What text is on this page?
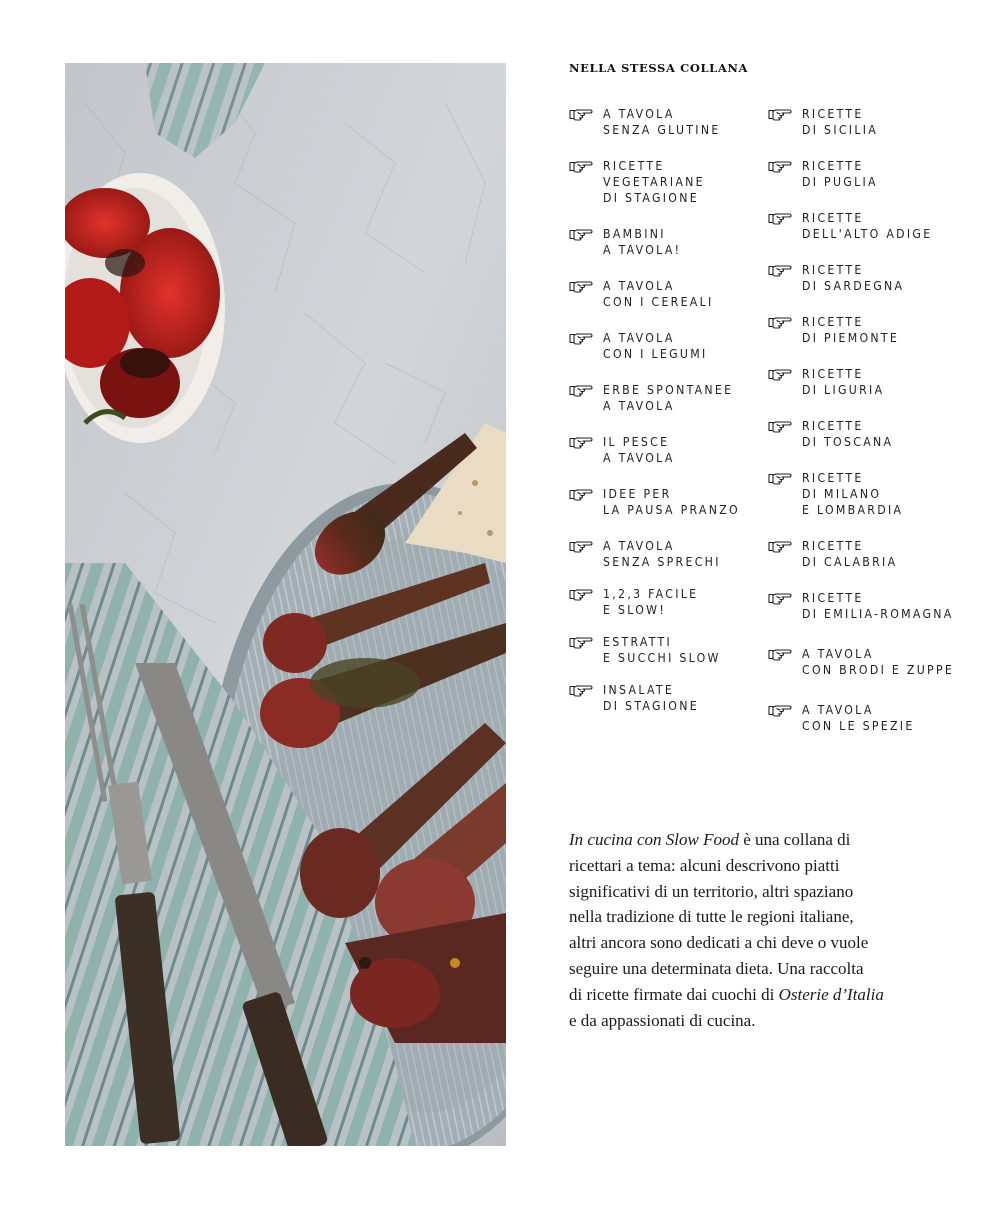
NELLA STESSA COLLANA
A TAVOLA
SENZA GLUTINE
RICETTE
VEGETARIANE
DI STAGIONE
BAMBINI
A TAVOLA!
A TAVOLA
CON I CEREALI
A TAVOLA
CON I LEGUMI
ERBE SPONTANEE
A TAVOLA
IL PESCE
A TAVOLA
IDEE PER
LA PAUSA PRANZO
A TAVOLA
SENZA SPRECHI
1,2,3 FACILE
E SLOW!
ESTRATTI
E SUCCHI SLOW
INSALATE
DI STAGIONE
RICETTE
DI SICILIA
RICETTE
DI PUGLIA
RICETTE
DELL'ALTO ADIGE
RICETTE
DI SARDEGNA
RICETTE
DI PIEMONTE
RICETTE
DI LIGURIA
RICETTE
DI TOSCANA
RICETTE
DI MILANO
E LOMBARDIA
RICETTE
DI CALABRIA
RICETTE
DI EMILIA-ROMAGNA
A TAVOLA
CON BRODI E ZUPPE
A TAVOLA
CON LE SPEZIE

In cucina con Slow Food è una collana di
ricettari a tema: alcuni descrivono piatti
significativi di un territorio, altri spaziano
nella tradizione di tutte le regioni italiane,
altri ancora sono dedicati a chi deve o vuole
seguire una determinata dieta. Una raccolta
di ricette firmate dai cuochi di Osterie d’Italia
e da appassionati di cucina.
